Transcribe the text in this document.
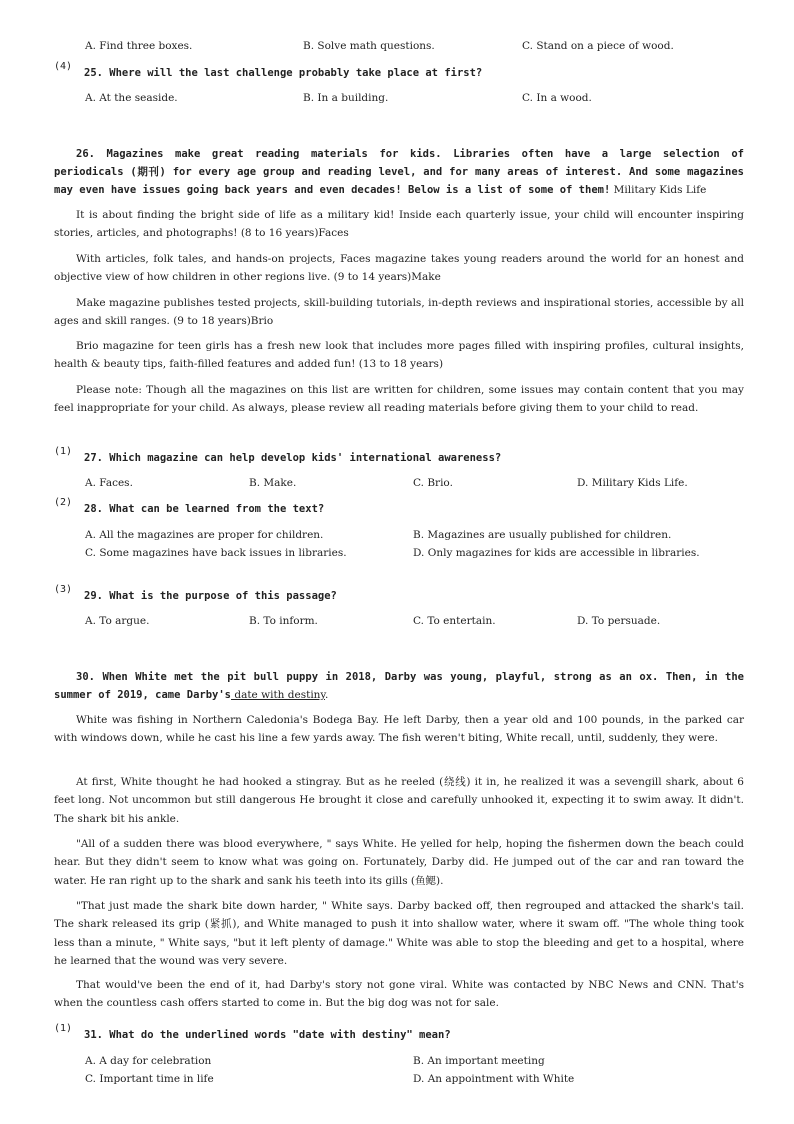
A. Find three boxes.	B. Solve math questions.	C. Stand on a piece of wood.
(4)
25. Where will the last challenge probably take place at first?
A. At the seaside.	B. In a building.	C. In a wood.
26. Magazines make great reading materials for kids. Libraries often have a large selection of periodicals (期刊) for every age group and reading level, and for many areas of interest. And some magazines may even have issues going back years and even decades! Below is a list of some of them! Military Kids Life
It is about finding the bright side of life as a military kid! Inside each quarterly issue, your child will encounter inspiring stories, articles, and photographs! (8 to 16 years)Faces
With articles, folk tales, and hands-on projects, Faces magazine takes young readers around the world for an honest and objective view of how children in other regions live. (9 to 14 years)Make
Make magazine publishes tested projects, skill-building tutorials, in-depth reviews and inspirational stories, accessible by all ages and skill ranges. (9 to 18 years)Brio
Brio magazine for teen girls has a fresh new look that includes more pages filled with inspiring profiles, cultural insights, health & beauty tips, faith-filled features and added fun! (13 to 18 years)
Please note: Though all the magazines on this list are written for children, some issues may contain content that you may feel inappropriate for your child. As always, please review all reading materials before giving them to your child to read.
(1)
27. Which magazine can help develop kids' international awareness?
A. Faces.	B. Make.	C. Brio.	D. Military Kids Life.
(2)
28. What can be learned from the text?
A. All the magazines are proper for children.	B. Magazines are usually published for children.
C. Some magazines have back issues in libraries.	D. Only magazines for kids are accessible in libraries.
(3)
29. What is the purpose of this passage?
A. To argue.	B. To inform.	C. To entertain.	D. To persuade.
30. When White met the pit bull puppy in 2018, Darby was young, playful, strong as an ox. Then, in the summer of 2019, came Darby's date with destiny.
White was fishing in Northern Caledonia's Bodega Bay. He left Darby, then a year old and 100 pounds, in the parked car with windows down, while he cast his line a few yards away. The fish weren't biting, White recall, until, suddenly, they were.
At first, White thought he had hooked a stingray. But as he reeled (绕线) it in, he realized it was a sevengill shark, about 6 feet long. Not uncommon but still dangerous He brought it close and carefully unhooked it, expecting it to swim away. It didn't. The shark bit his ankle.
"All of a sudden there was blood everywhere, " says White. He yelled for help, hoping the fishermen down the beach could hear. But they didn't seem to know what was going on. Fortunately, Darby did. He jumped out of the car and ran toward the water. He ran right up to the shark and sank his teeth into its gills (鱼鳃).
"That just made the shark bite down harder, " White says. Darby backed off, then regrouped and attacked the shark's tail. The shark released its grip (紧抓), and White managed to push it into shallow water, where it swam off. "The whole thing took less than a minute, " White says, "but it left plenty of damage." White was able to stop the bleeding and get to a hospital, where he learned that the wound was very severe.
That would've been the end of it, had Darby's story not gone viral. White was contacted by NBC News and CNN. That's when the countless cash offers started to come in. But the big dog was not for sale.
(1)
31. What do the underlined words "date with destiny" mean?
A. A day for celebration	B. An important meeting
C. Important time in life	D. An appointment with White
